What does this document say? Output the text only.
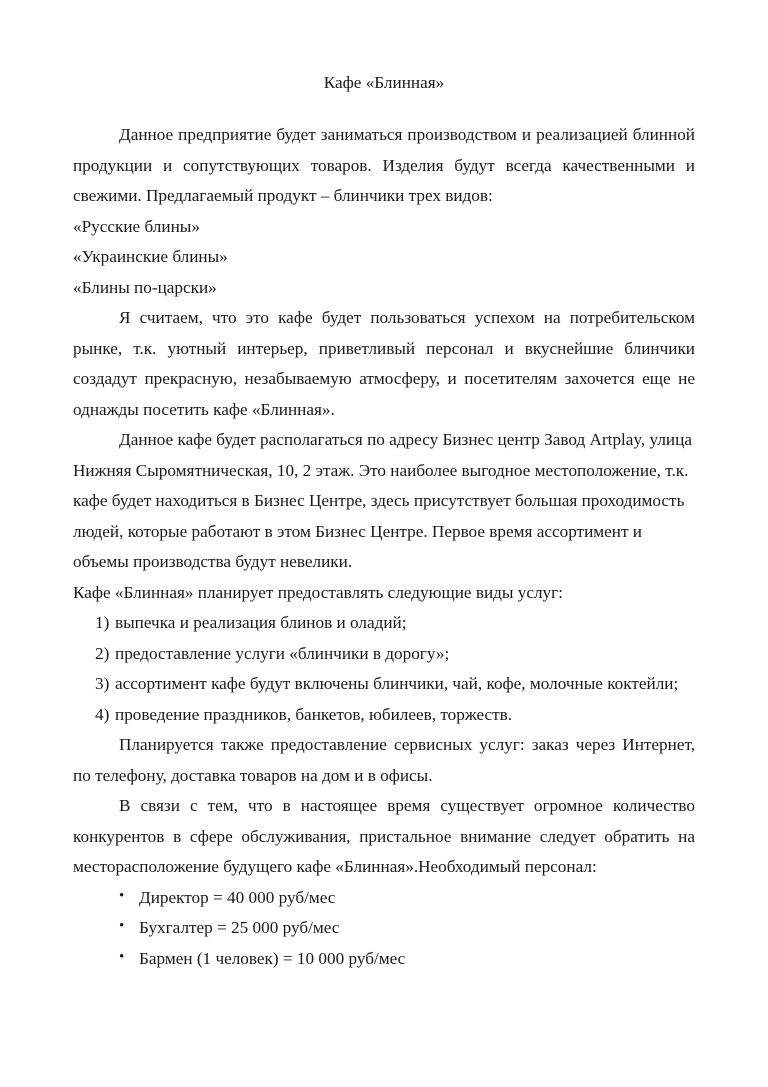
Кафе «Блинная»

Данное предприятие будет заниматься производством и реализацией блинной продукции и сопутствующих товаров. Изделия будут всегда качественными и свежими. Предлагаемый продукт – блинчики трех видов:

«Русские блины»

«Украинские блины»

«Блины по-царски»

Я считаем, что это кафе будет пользоваться успехом на потребительском рынке, т.к. уютный интерьер, приветливый персонал и вкуснейшие блинчики создадут прекрасную, незабываемую атмосферу, и посетителям захочется еще не однажды посетить кафе «Блинная».

Данное кафе будет располагаться по адресу Бизнес центр Завод Artplay, улица Нижняя Сыромятническая, 10, 2 этаж. Это наиболее выгодное местоположение, т.к. кафе будет находиться в Бизнес Центре, здесь присутствует большая проходимость людей, которые работают в этом Бизнес Центре. Первое время ассортимент и объемы производства будут невелики.

Кафе «Блинная» планирует предоставлять следующие виды услуг:

1) выпечка и реализация блинов и оладий;
2) предоставление услуги «блинчики в дорогу»;
3) ассортимент кафе будут включены блинчики, чай, кофе, молочные коктейли;
4) проведение праздников, банкетов, юбилеев, торжеств.

Планируется также предоставление сервисных услуг: заказ через Интернет, по телефону, доставка товаров на дом и в офисы.

В связи с тем, что в настоящее время существует огромное количество конкурентов в сфере обслуживания, пристальное внимание следует обратить на месторасположение будущего кафе «Блинная».Необходимый персонал:

• Директор = 40 000 руб/мес
• Бухгалтер = 25 000 руб/мес
• Бармен (1 человек) = 10 000 руб/мес
